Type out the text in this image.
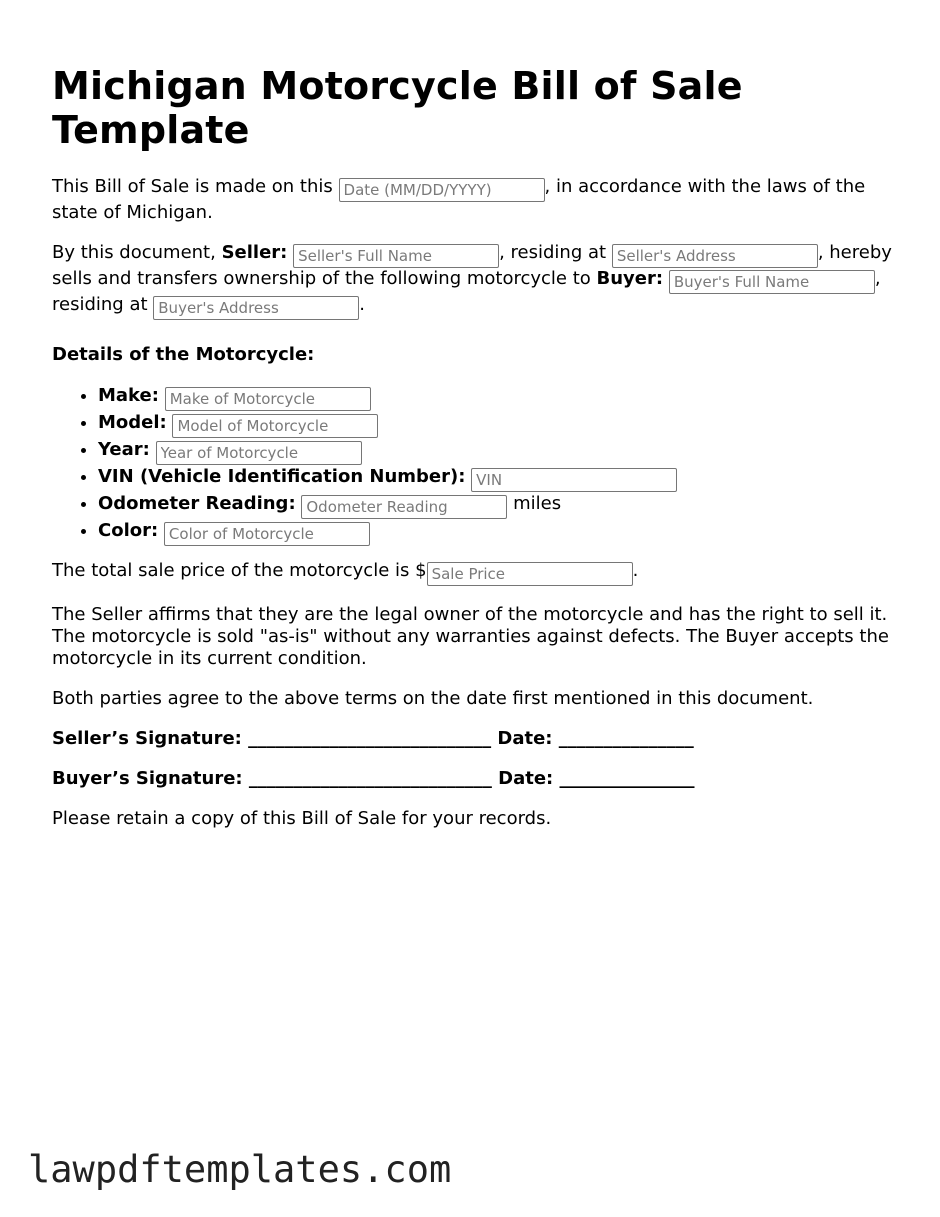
Michigan Motorcycle Bill of Sale Template

This Bill of Sale is made on this Date (MM/DD/YYYY)	, in accordance with the laws of the state of Michigan.

By this document, Seller: Seller's Full Name	, residing at Seller's Address	, hereby sells and transfers ownership of the following motorcycle to Buyer: Buyer's Full Name	, residing at Buyer's Address	.

Details of the Motorcycle:

• Make: Make of Motorcycle
• Model: Model of Motorcycle
• Year: Year of Motorcycle
• VIN (Vehicle Identification Number): VIN
• Odometer Reading: Odometer Reading	miles
• Color: Color of Motorcycle

The total sale price of the motorcycle is $Sale Price	.

The Seller affirms that they are the legal owner of the motorcycle and has the right to sell it. The motorcycle is sold "as-is" without any warranties against defects. The Buyer accepts the motorcycle in its current condition.

Both parties agree to the above terms on the date first mentioned in this document.

Seller’s Signature: ___________________________ Date: _______________

Buyer’s Signature: ___________________________ Date: _______________

Please retain a copy of this Bill of Sale for your records.

lawpdftemplates.com
